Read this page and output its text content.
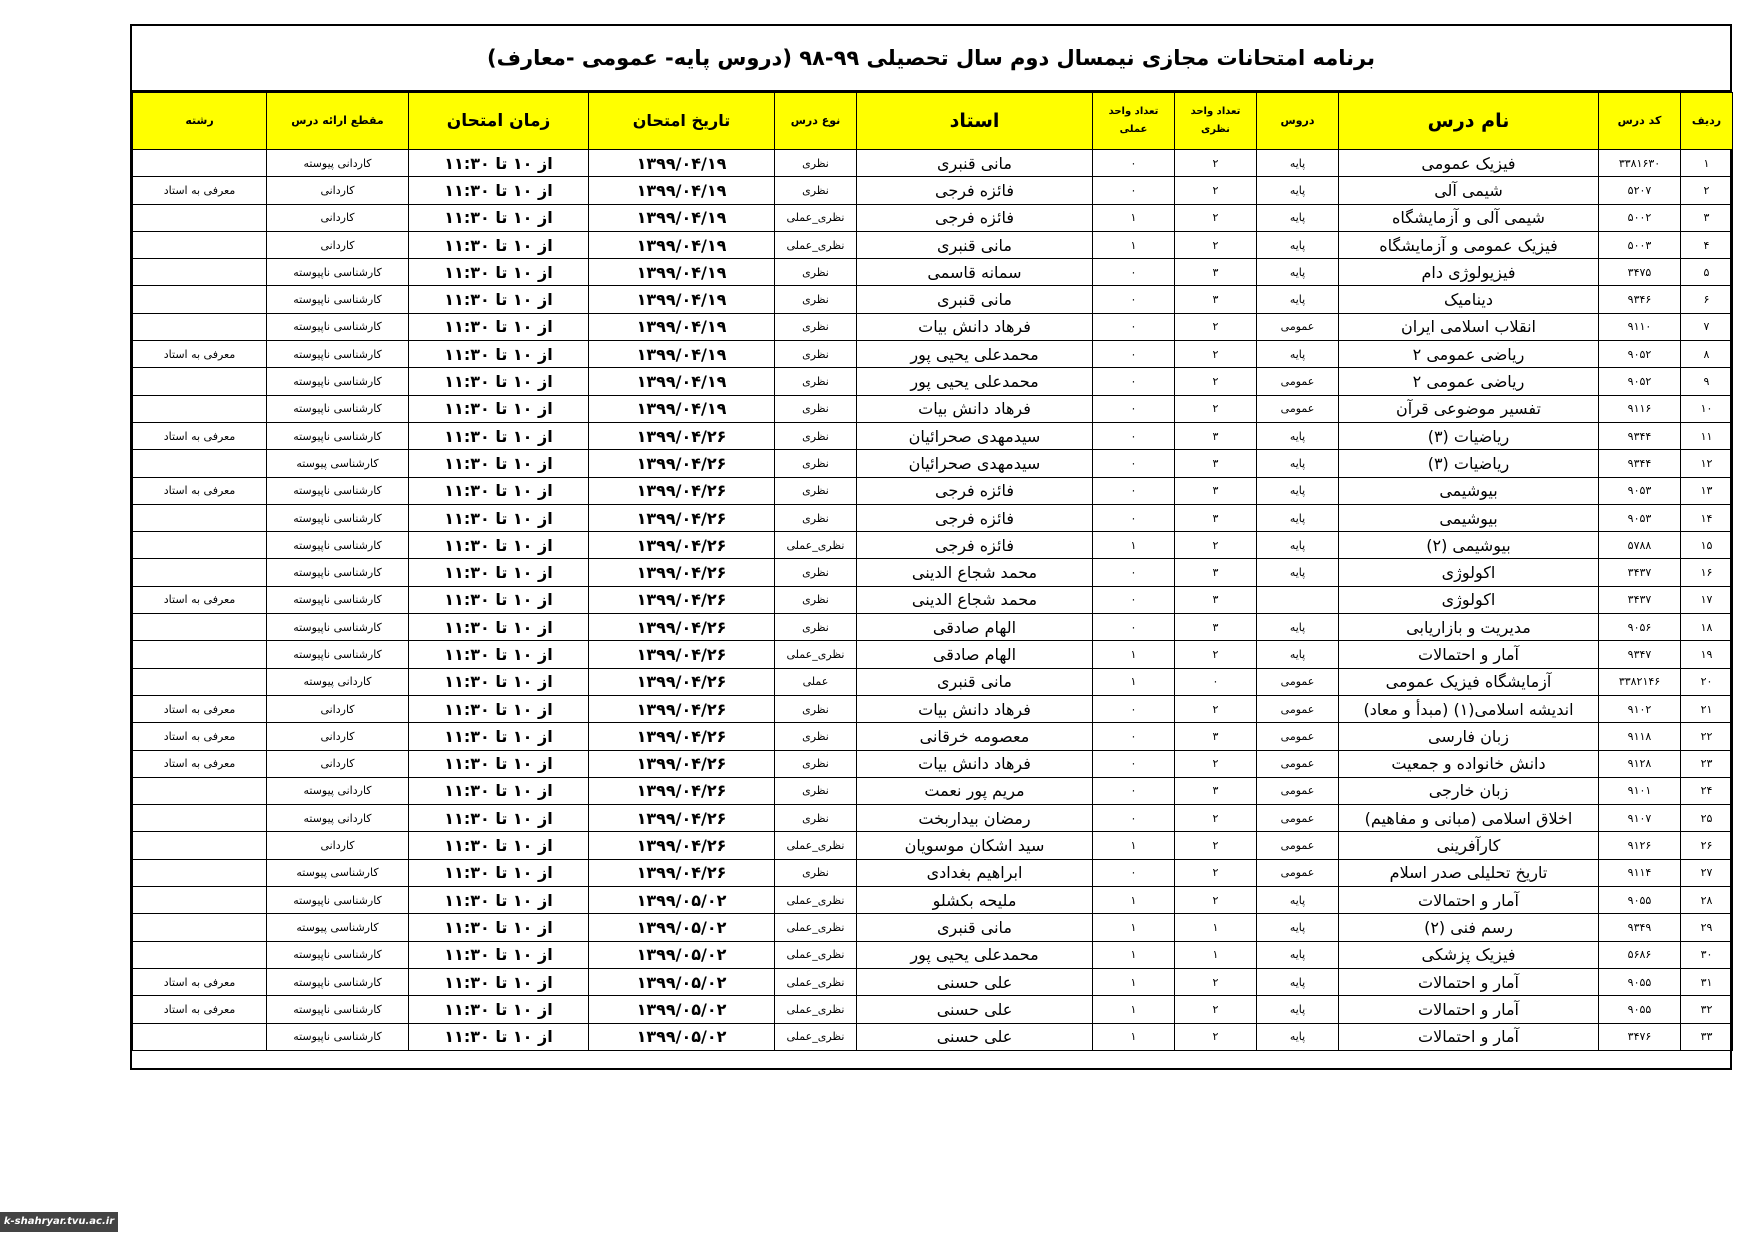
برنامه امتحانات مجازی نیمسال دوم سال تحصیلی ۹۹-۹۸ (دروس پایه- عمومی -معارف)
ردیف	کد درس	نام درس	دروس	تعداد واحد نظری	تعداد واحد عملی	استاد	نوع درس	تاریخ امتحان	زمان امتحان	مقطع ارائه درس	رشته
۱	۳۳۸۱۶۳۰	فیزیک عمومی	پایه	۲	۰	مانی قنبری	نظری	۱۳۹۹/۰۴/۱۹	از ۱۰ تا ۱۱:۳۰	کاردانی پیوسته	
۲	۵۲۰۷	شیمی آلی	پایه	۲	۰	فائزه فرجی	نظری	۱۳۹۹/۰۴/۱۹	از ۱۰ تا ۱۱:۳۰	کاردانی	معرفی به استاد
۳	۵۰۰۲	شیمی آلی و آزمایشگاه	پایه	۲	۱	فائزه فرجی	نظری_عملی	۱۳۹۹/۰۴/۱۹	از ۱۰ تا ۱۱:۳۰	کاردانی	
۴	۵۰۰۳	فیزیک عمومی و آزمایشگاه	پایه	۲	۱	مانی قنبری	نظری_عملی	۱۳۹۹/۰۴/۱۹	از ۱۰ تا ۱۱:۳۰	کاردانی	
۵	۳۴۷۵	فیزیولوژی دام	پایه	۳	۰	سمانه قاسمی	نظری	۱۳۹۹/۰۴/۱۹	از ۱۰ تا ۱۱:۳۰	کارشناسی ناپیوسته	
۶	۹۳۴۶	دینامیک	پایه	۳	۰	مانی قنبری	نظری	۱۳۹۹/۰۴/۱۹	از ۱۰ تا ۱۱:۳۰	کارشناسی ناپیوسته	
۷	۹۱۱۰	انقلاب اسلامی ایران	عمومی	۲	۰	فرهاد دانش بیات	نظری	۱۳۹۹/۰۴/۱۹	از ۱۰ تا ۱۱:۳۰	کارشناسی ناپیوسته	
۸	۹۰۵۲	ریاضی عمومی ۲	پایه	۲	۰	محمدعلی یحیی پور	نظری	۱۳۹۹/۰۴/۱۹	از ۱۰ تا ۱۱:۳۰	کارشناسی ناپیوسته	معرفی به استاد
۹	۹۰۵۲	ریاضی عمومی ۲	عمومی	۲	۰	محمدعلی یحیی پور	نظری	۱۳۹۹/۰۴/۱۹	از ۱۰ تا ۱۱:۳۰	کارشناسی ناپیوسته	
۱۰	۹۱۱۶	تفسیر موضوعی قرآن	عمومی	۲	۰	فرهاد دانش بیات	نظری	۱۳۹۹/۰۴/۱۹	از ۱۰ تا ۱۱:۳۰	کارشناسی ناپیوسته	
۱۱	۹۳۴۴	ریاضیات (۳)	پایه	۳	۰	سیدمهدی صحرائیان	نظری	۱۳۹۹/۰۴/۲۶	از ۱۰ تا ۱۱:۳۰	کارشناسی ناپیوسته	معرفی به استاد
۱۲	۹۳۴۴	ریاضیات (۳)	پایه	۳	۰	سیدمهدی صحرائیان	نظری	۱۳۹۹/۰۴/۲۶	از ۱۰ تا ۱۱:۳۰	کارشناسی پیوسته	
۱۳	۹۰۵۳	بیوشیمی	پایه	۳	۰	فائزه فرجی	نظری	۱۳۹۹/۰۴/۲۶	از ۱۰ تا ۱۱:۳۰	کارشناسی ناپیوسته	معرفی به استاد
۱۴	۹۰۵۳	بیوشیمی	پایه	۳	۰	فائزه فرجی	نظری	۱۳۹۹/۰۴/۲۶	از ۱۰ تا ۱۱:۳۰	کارشناسی ناپیوسته	
۱۵	۵۷۸۸	بیوشیمی (۲)	پایه	۲	۱	فائزه فرجی	نظری_عملی	۱۳۹۹/۰۴/۲۶	از ۱۰ تا ۱۱:۳۰	کارشناسی ناپیوسته	
۱۶	۳۴۳۷	اکولوژی	پایه	۳	۰	محمد شجاع الدینی	نظری	۱۳۹۹/۰۴/۲۶	از ۱۰ تا ۱۱:۳۰	کارشناسی ناپیوسته	
۱۷	۳۴۳۷	اکولوژی		۳	۰	محمد شجاع الدینی	نظری	۱۳۹۹/۰۴/۲۶	از ۱۰ تا ۱۱:۳۰	کارشناسی ناپیوسته	معرفی به استاد
۱۸	۹۰۵۶	مدیریت و بازاریابی	پایه	۳	۰	الهام صادقی	نظری	۱۳۹۹/۰۴/۲۶	از ۱۰ تا ۱۱:۳۰	کارشناسی ناپیوسته	
۱۹	۹۳۴۷	آمار و احتمالات	پایه	۲	۱	الهام صادقی	نظری_عملی	۱۳۹۹/۰۴/۲۶	از ۱۰ تا ۱۱:۳۰	کارشناسی ناپیوسته	
۲۰	۳۳۸۲۱۴۶	آزمایشگاه فیزیک عمومی	عمومی	۰	۱	مانی قنبری	عملی	۱۳۹۹/۰۴/۲۶	از ۱۰ تا ۱۱:۳۰	کاردانی پیوسته	
۲۱	۹۱۰۲	اندیشه اسلامی(۱) (مبدأ و معاد)	عمومی	۲	۰	فرهاد دانش بیات	نظری	۱۳۹۹/۰۴/۲۶	از ۱۰ تا ۱۱:۳۰	کاردانی	معرفی به استاد
۲۲	۹۱۱۸	زبان فارسی	عمومی	۳	۰	معصومه خرقانی	نظری	۱۳۹۹/۰۴/۲۶	از ۱۰ تا ۱۱:۳۰	کاردانی	معرفی به استاد
۲۳	۹۱۲۸	دانش خانواده و جمعیت	عمومی	۲	۰	فرهاد دانش بیات	نظری	۱۳۹۹/۰۴/۲۶	از ۱۰ تا ۱۱:۳۰	کاردانی	معرفی به استاد
۲۴	۹۱۰۱	زبان خارجی	عمومی	۳	۰	مریم پور نعمت	نظری	۱۳۹۹/۰۴/۲۶	از ۱۰ تا ۱۱:۳۰	کاردانی پیوسته	
۲۵	۹۱۰۷	اخلاق اسلامی (مبانی و مفاهیم)	عمومی	۲	۰	رمضان بیداربخت	نظری	۱۳۹۹/۰۴/۲۶	از ۱۰ تا ۱۱:۳۰	کاردانی پیوسته	
۲۶	۹۱۲۶	کارآفرینی	عمومی	۲	۱	سید اشکان موسویان	نظری_عملی	۱۳۹۹/۰۴/۲۶	از ۱۰ تا ۱۱:۳۰	کاردانی	
۲۷	۹۱۱۴	تاریخ تحلیلی صدر اسلام	عمومی	۲	۰	ابراهیم بغدادی	نظری	۱۳۹۹/۰۴/۲۶	از ۱۰ تا ۱۱:۳۰	کارشناسی پیوسته	
۲۸	۹۰۵۵	آمار و احتمالات	پایه	۲	۱	ملیحه بکشلو	نظری_عملی	۱۳۹۹/۰۵/۰۲	از ۱۰ تا ۱۱:۳۰	کارشناسی ناپیوسته	
۲۹	۹۳۴۹	رسم فنی (۲)	پایه	۱	۱	مانی قنبری	نظری_عملی	۱۳۹۹/۰۵/۰۲	از ۱۰ تا ۱۱:۳۰	کارشناسی پیوسته	
۳۰	۵۶۸۶	فیزیک پزشکی	پایه	۱	۱	محمدعلی یحیی پور	نظری_عملی	۱۳۹۹/۰۵/۰۲	از ۱۰ تا ۱۱:۳۰	کارشناسی ناپیوسته	
۳۱	۹۰۵۵	آمار و احتمالات	پایه	۲	۱	علی حسنی	نظری_عملی	۱۳۹۹/۰۵/۰۲	از ۱۰ تا ۱۱:۳۰	کارشناسی ناپیوسته	معرفی به استاد
۳۲	۹۰۵۵	آمار و احتمالات	پایه	۲	۱	علی حسنی	نظری_عملی	۱۳۹۹/۰۵/۰۲	از ۱۰ تا ۱۱:۳۰	کارشناسی ناپیوسته	معرفی به استاد
۳۳	۳۴۷۶	آمار و احتمالات	پایه	۲	۱	علی حسنی	نظری_عملی	۱۳۹۹/۰۵/۰۲	از ۱۰ تا ۱۱:۳۰	کارشناسی ناپیوسته	
k-shahryar.tvu.ac.ir
